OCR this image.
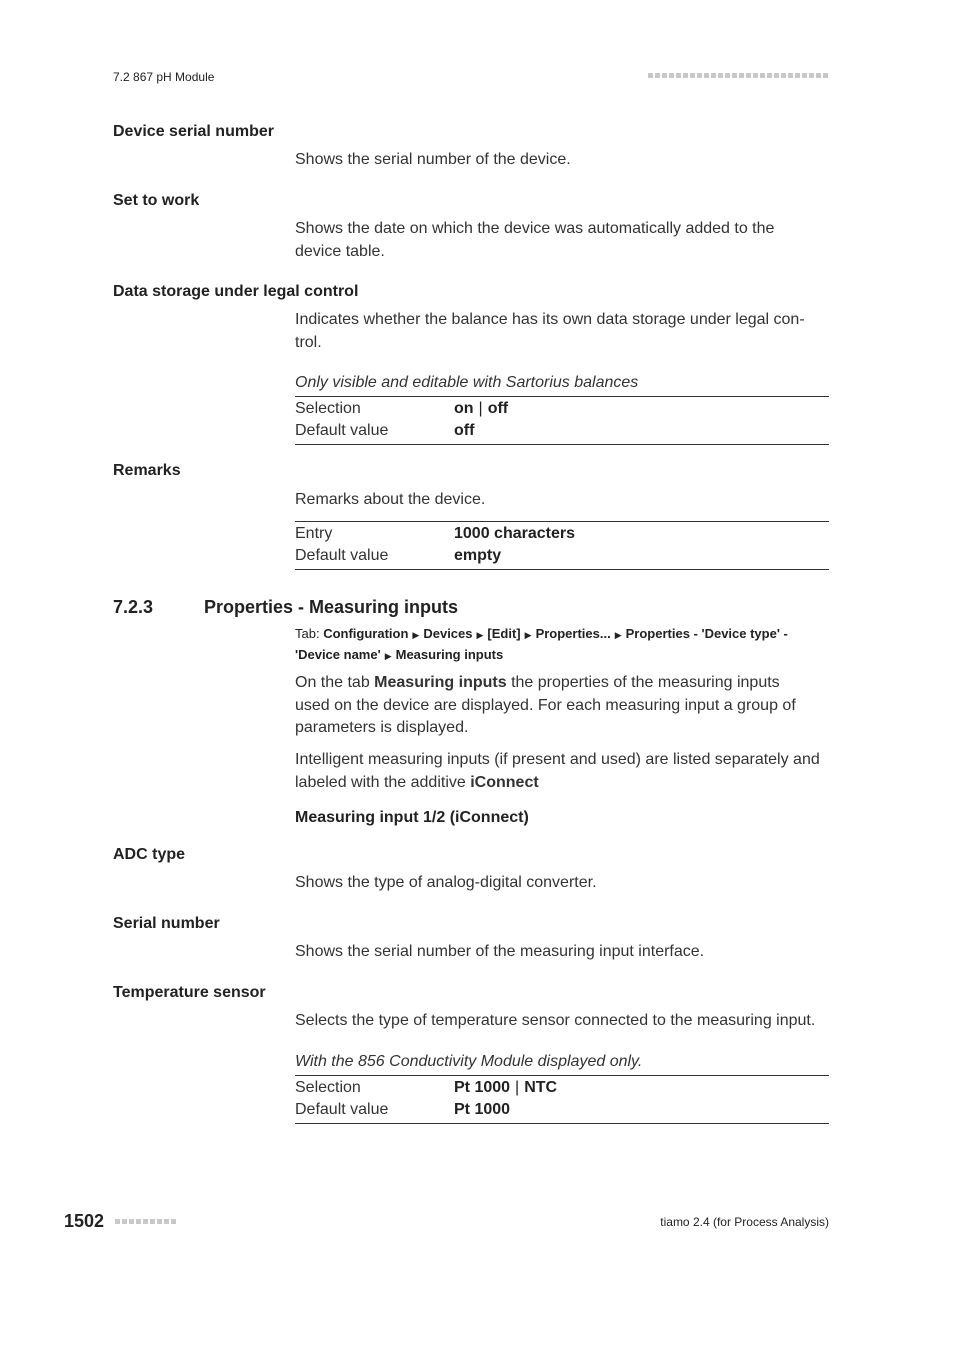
7.2 867 pH Module
Device serial number
Shows the serial number of the device.
Set to work
Shows the date on which the device was automatically added to the
device table.
Data storage under legal control
Indicates whether the balance has its own data storage under legal con-
trol.
Only visible and editable with Sartorius balances
Selection	on | off
Default value	off
Remarks
Remarks about the device.
Entry	1000 characters
Default value	empty
7.2.3	Properties - Measuring inputs
Tab: Configuration ▶ Devices ▶ [Edit] ▶ Properties... ▶ Properties - 'Device type' -
'Device name' ▶ Measuring inputs
On the tab Measuring inputs the properties of the measuring inputs
used on the device are displayed. For each measuring input a group of
parameters is displayed.
Intelligent measuring inputs (if present and used) are listed separately and
labeled with the additive iConnect
Measuring input 1/2 (iConnect)
ADC type
Shows the type of analog-digital converter.
Serial number
Shows the serial number of the measuring input interface.
Temperature sensor
Selects the type of temperature sensor connected to the measuring input.
With the 856 Conductivity Module displayed only.
Selection	Pt 1000 | NTC
Default value	Pt 1000
1502	tiamo 2.4 (for Process Analysis)
